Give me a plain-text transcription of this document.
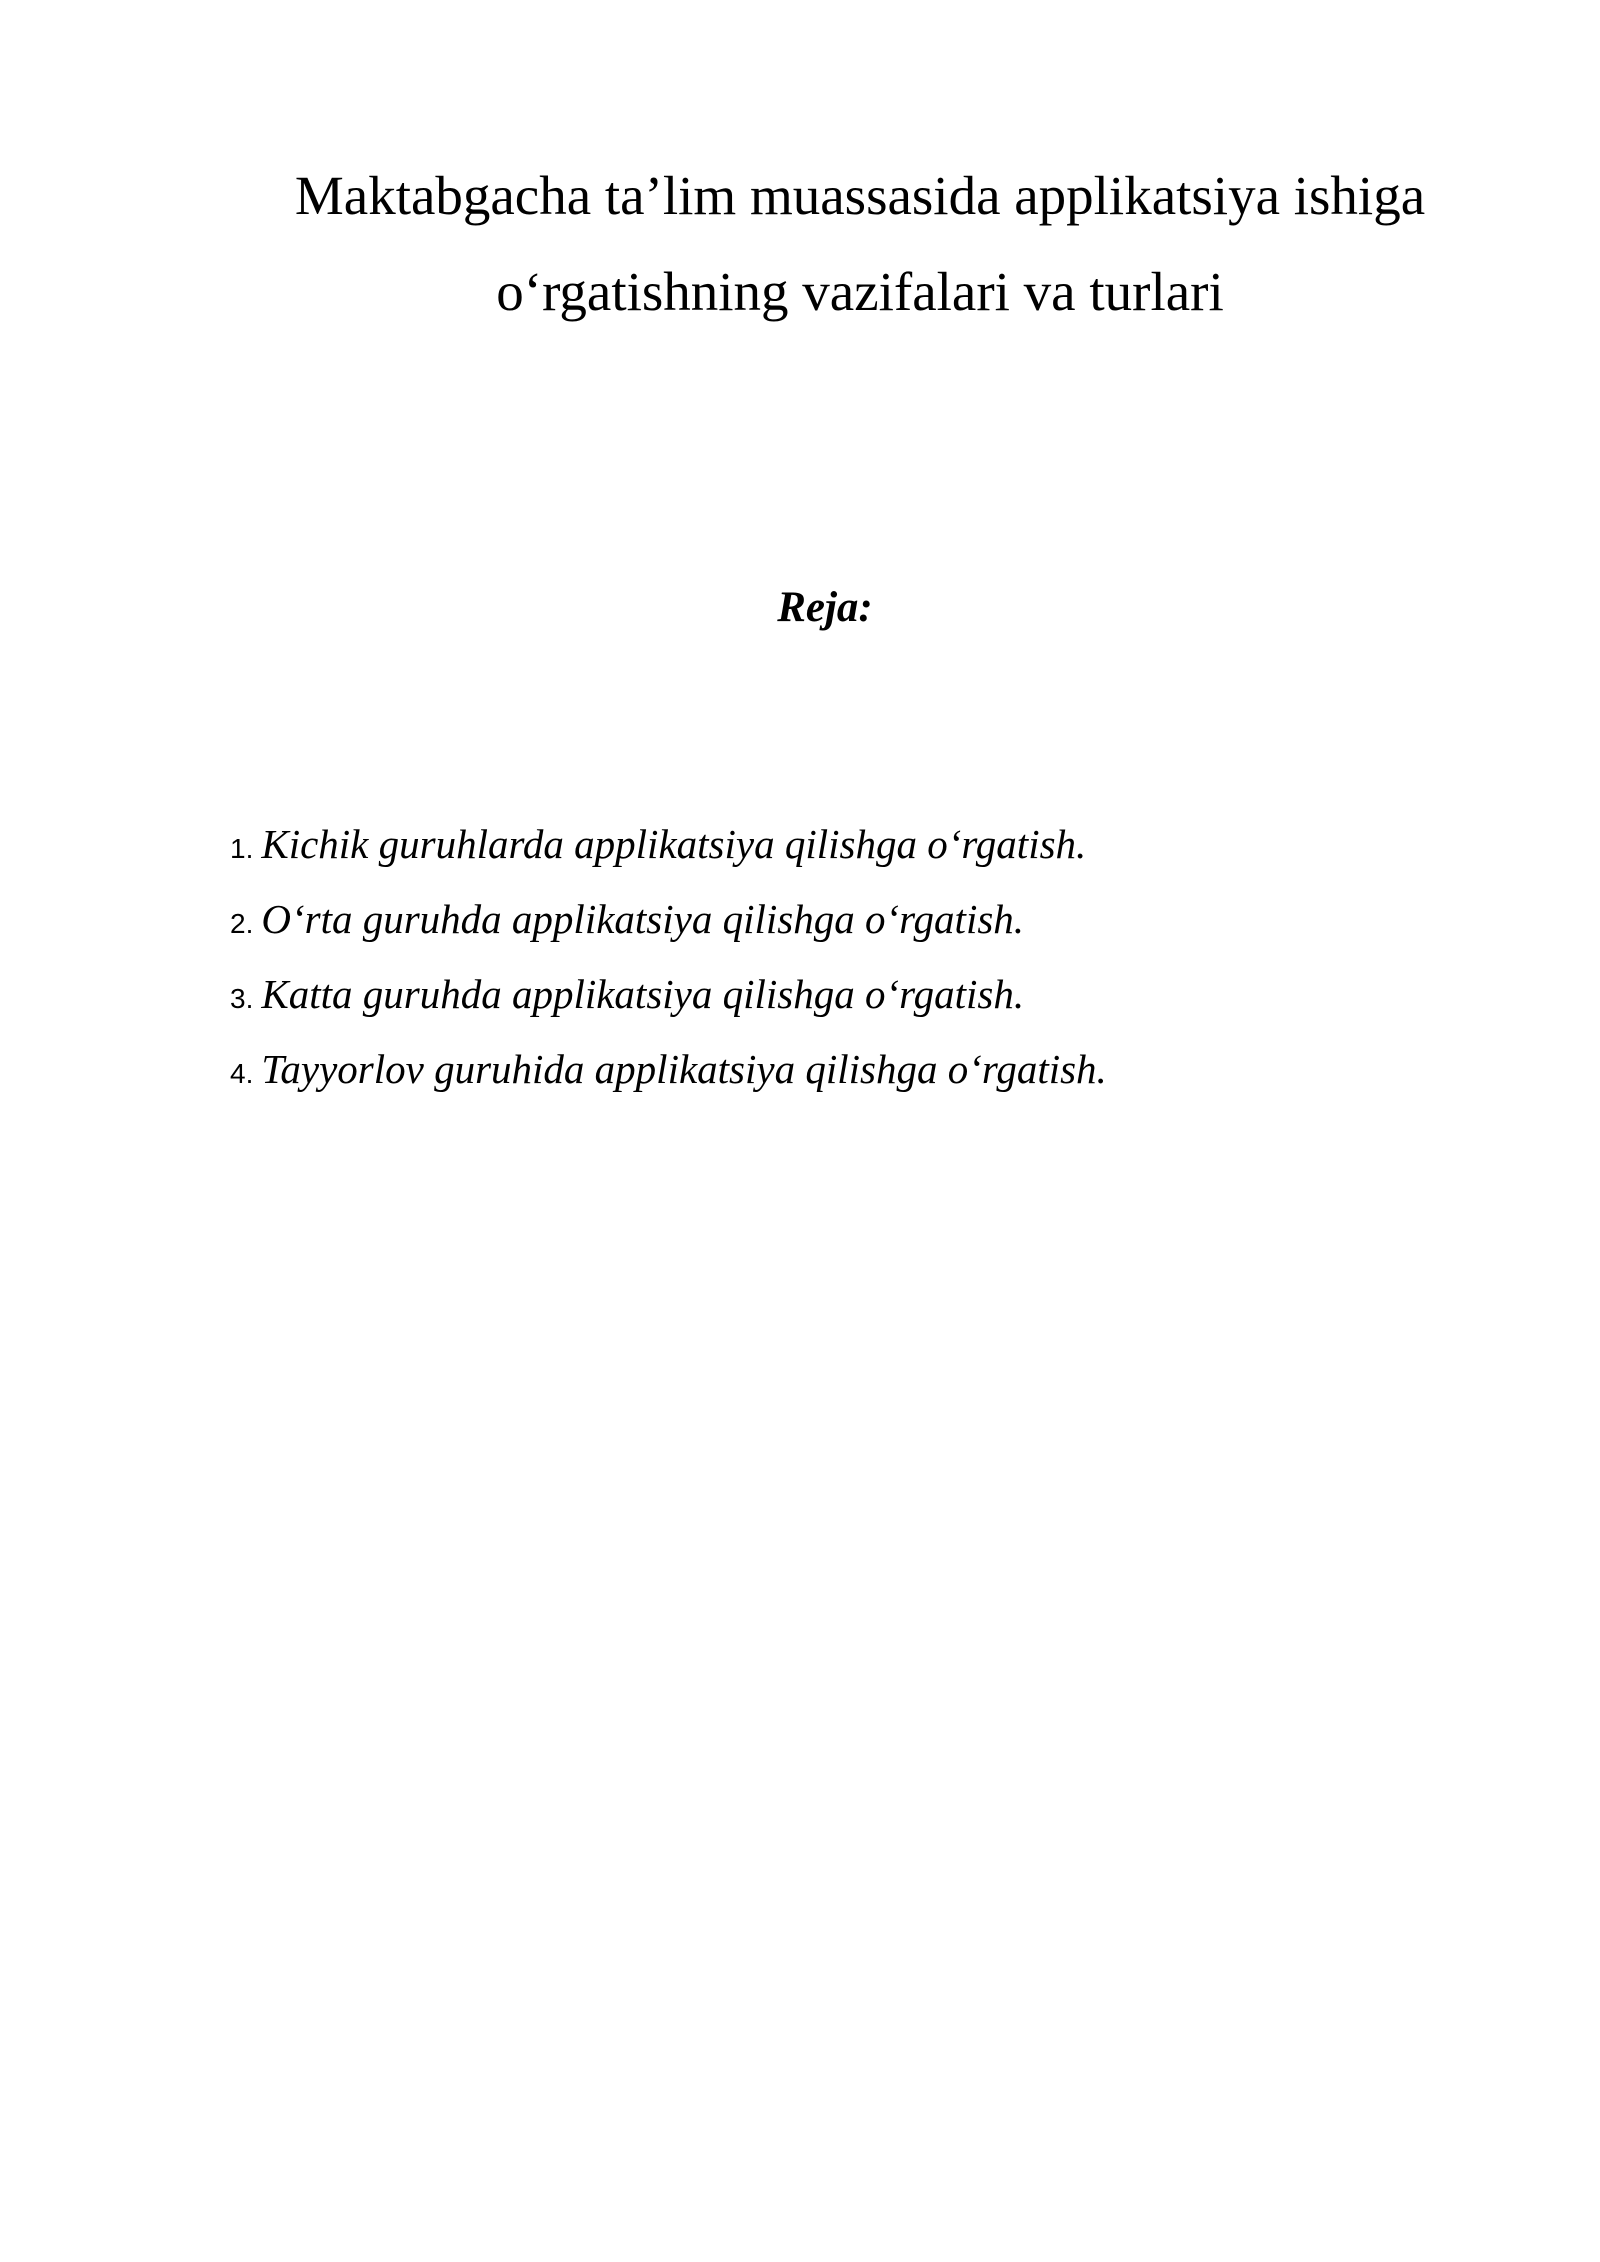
Maktabgacha ta’lim muassasida applikatsiya ishiga
o‘rgatishning vazifalari va turlari
Reja:
1. Kichik guruhlarda applikatsiya qilishga o‘rgatish.
2. O‘rta guruhda applikatsiya qilishga o‘rgatish.
3. Katta guruhda applikatsiya qilishga o‘rgatish.
4. Tayyorlov guruhida applikatsiya qilishga o‘rgatish.
